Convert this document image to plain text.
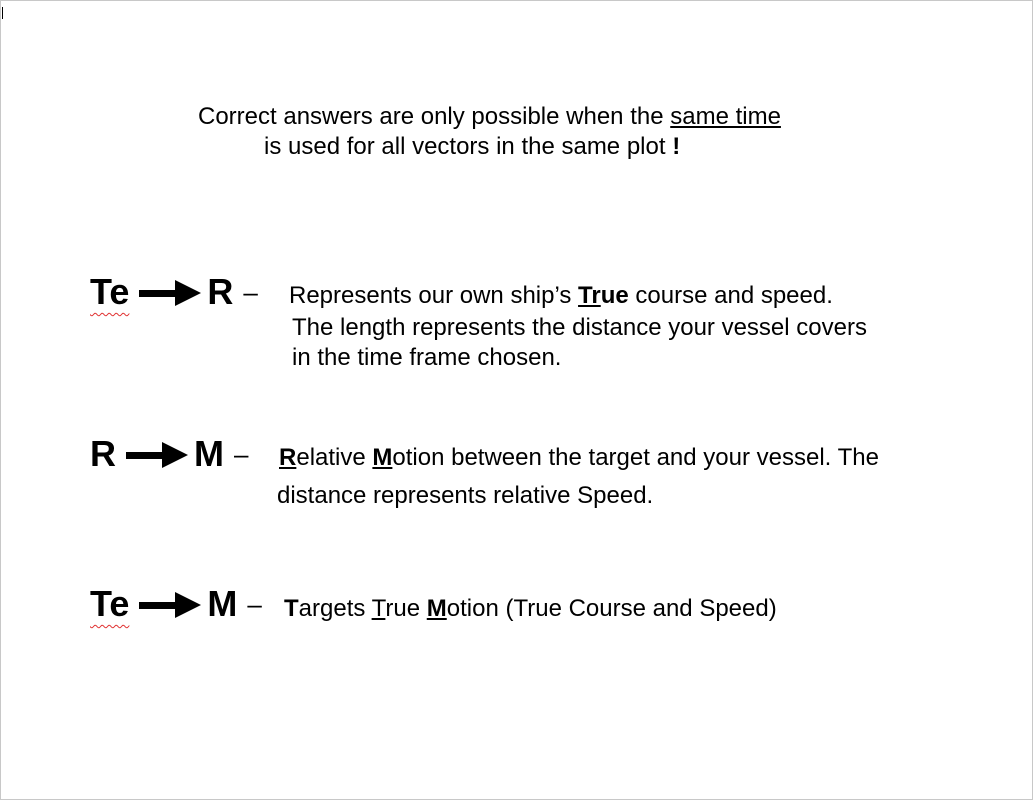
Correct answers are only possible when the same time
is used for all vectors in the same plot !
Te R – Represents our own ship’s True course and speed.
The length represents the distance your vessel covers
in the time frame chosen.
R M – Relative Motion between the target and your vessel. The
distance represents relative Speed.
Te M – Targets True Motion (True Course and Speed)
